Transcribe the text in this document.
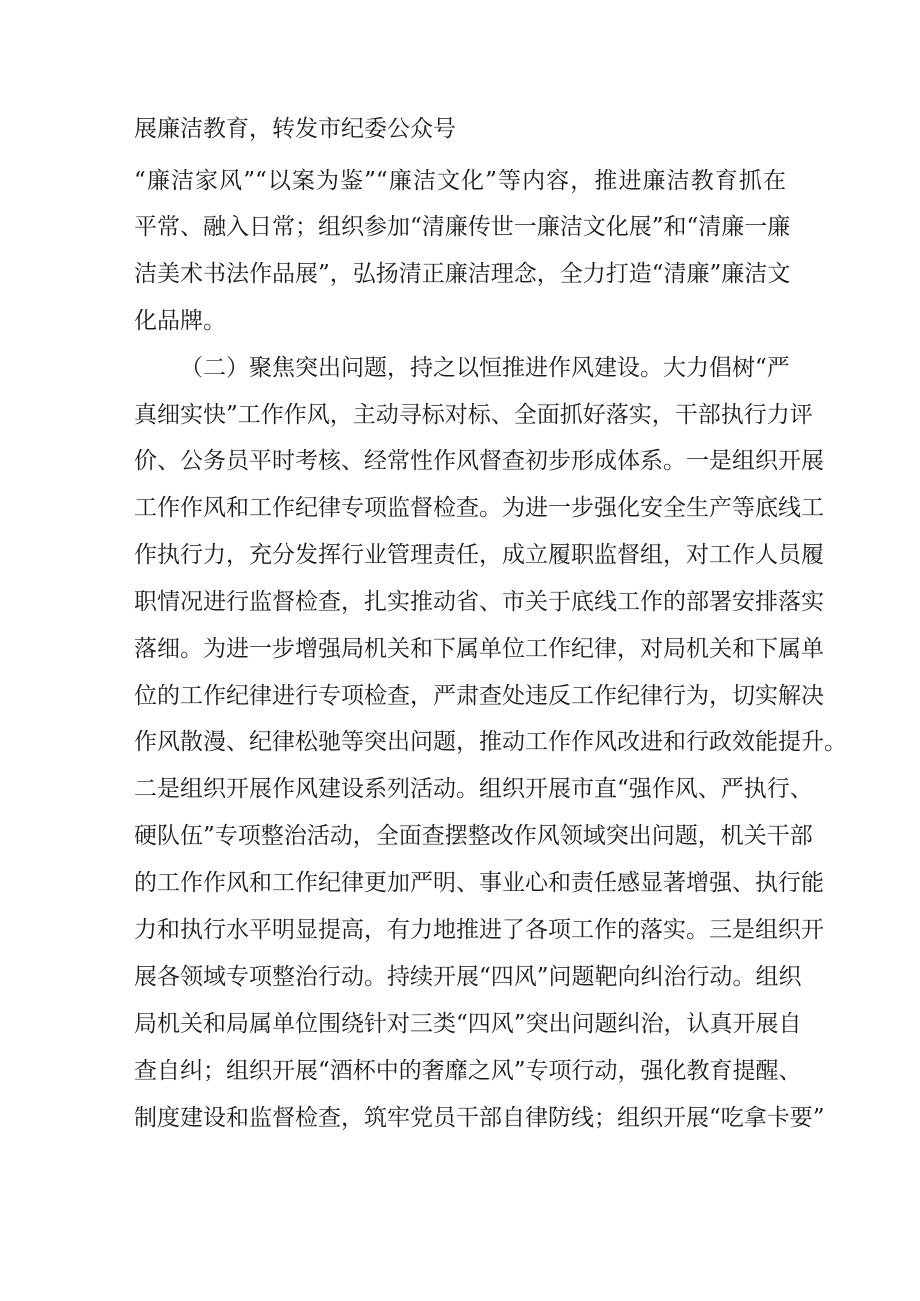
展廉洁教育，转发市纪委公众号
“廉洁家风”“以案为鉴”“廉洁文化”等内容，推进廉洁教育抓在
平常、融入日常；组织参加“清廉传世一廉洁文化展”和“清廉一廉
洁美术书法作品展”，弘扬清正廉洁理念，全力打造“清廉”廉洁文
化品牌。
（二）聚焦突出问题，持之以恒推进作风建设。大力倡树“严
真细实快”工作作风，主动寻标对标、全面抓好落实，干部执行力评
价、公务员平时考核、经常性作风督查初步形成体系。一是组织开展
工作作风和工作纪律专项监督检查。为进一步强化安全生产等底线工
作执行力，充分发挥行业管理责任，成立履职监督组，对工作人员履
职情况进行监督检查，扎实推动省、市关于底线工作的部署安排落实
落细。为进一步增强局机关和下属单位工作纪律，对局机关和下属单
位的工作纪律进行专项检查，严肃查处违反工作纪律行为，切实解决
作风散漫、纪律松驰等突出问题，推动工作作风改进和行政效能提升。
二是组织开展作风建设系列活动。组织开展市直“强作风、严执行、
硬队伍”专项整治活动，全面查摆整改作风领域突出问题，机关干部
的工作作风和工作纪律更加严明、事业心和责任感显著增强、执行能
力和执行水平明显提高，有力地推进了各项工作的落实。三是组织开
展各领域专项整治行动。持续开展“四风”问题靶向纠治行动。组织
局机关和局属单位围绕针对三类“四风”突出问题纠治，认真开展自
查自纠；组织开展“酒杯中的奢靡之风”专项行动，强化教育提醒、
制度建设和监督检查，筑牢党员干部自律防线；组织开展“吃拿卡要”
